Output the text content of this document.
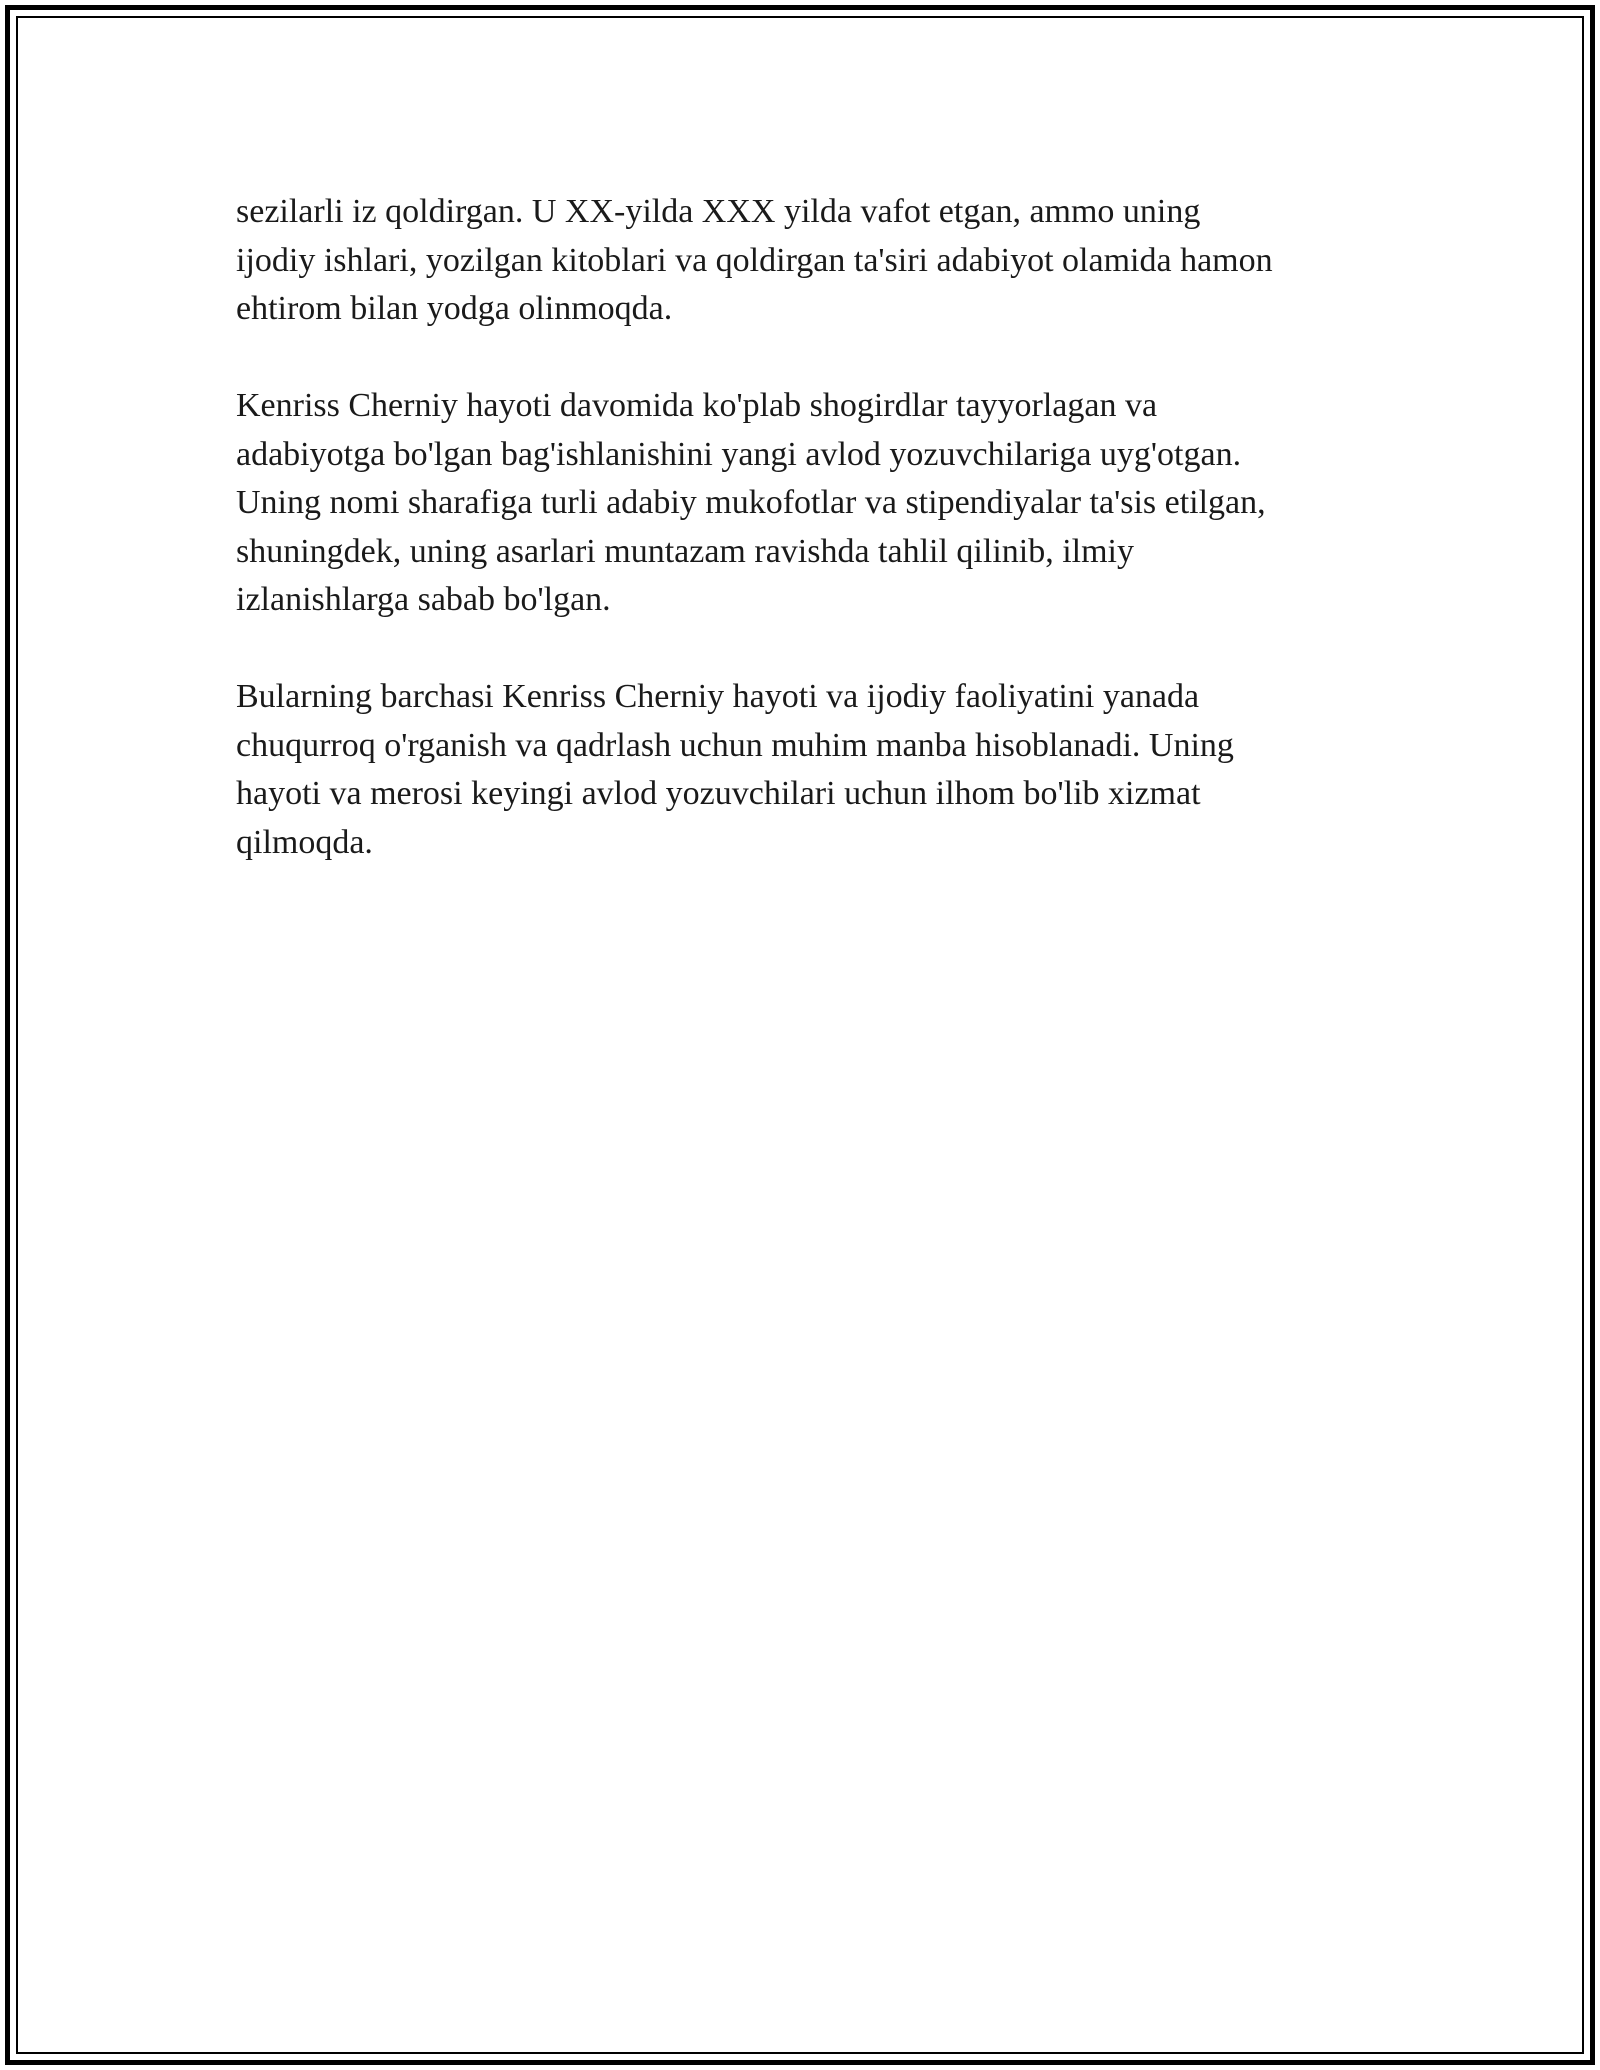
sezilarli iz qoldirgan. U XX-yilda XXX yilda vafot etgan, ammo uning
ijodiy ishlari, yozilgan kitoblari va qoldirgan ta'siri adabiyot olamida hamon
ehtirom bilan yodga olinmoqda.

Kenriss Cherniy hayoti davomida ko'plab shogirdlar tayyorlagan va
adabiyotga bo'lgan bag'ishlanishini yangi avlod yozuvchilariga uyg'otgan.
Uning nomi sharafiga turli adabiy mukofotlar va stipendiyalar ta'sis etilgan,
shuningdek, uning asarlari muntazam ravishda tahlil qilinib, ilmiy
izlanishlarga sabab bo'lgan.

Bularning barchasi Kenriss Cherniy hayoti va ijodiy faoliyatini yanada
chuqurroq o'rganish va qadrlash uchun muhim manba hisoblanadi. Uning
hayoti va merosi keyingi avlod yozuvchilari uchun ilhom bo'lib xizmat
qilmoqda.
